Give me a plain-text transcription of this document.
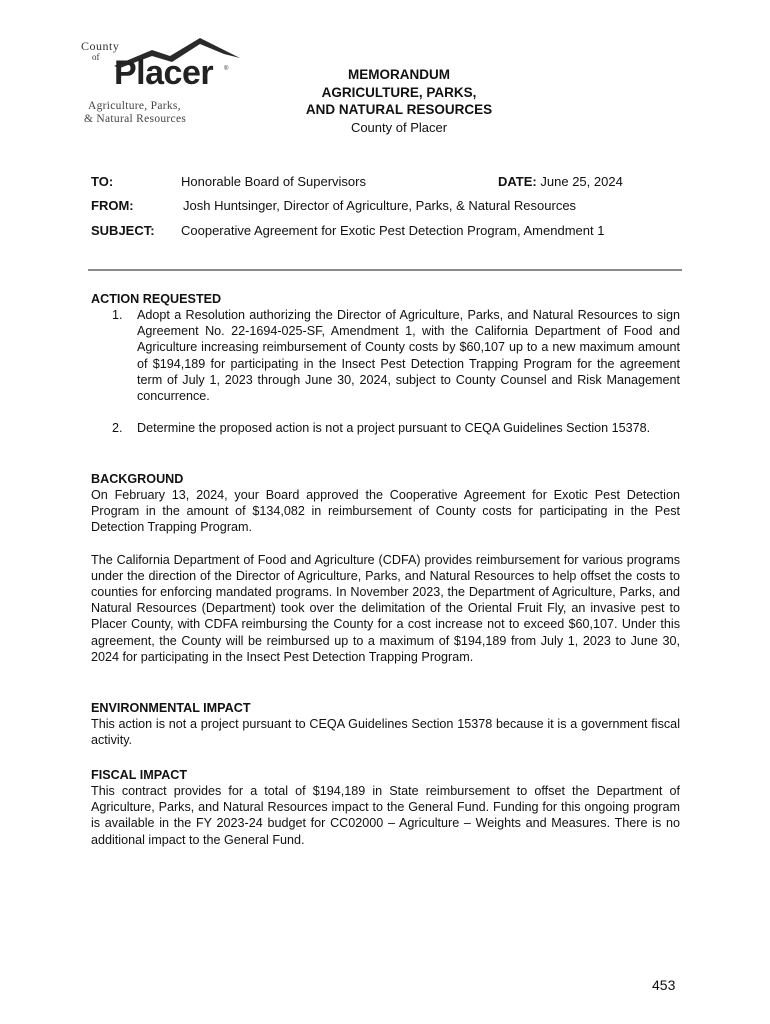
County
of Placer ®
Agriculture, Parks,
& Natural Resources
MEMORANDUM
AGRICULTURE, PARKS,
AND NATURAL RESOURCES
County of Placer
TO:	Honorable Board of Supervisors	DATE: June 25, 2024
FROM:	Josh Huntsinger, Director of Agriculture, Parks, & Natural Resources
SUBJECT: Cooperative Agreement for Exotic Pest Detection Program, Amendment 1
ACTION REQUESTED
1. Adopt a Resolution authorizing the Director of Agriculture, Parks, and Natural Resources to sign Agreement No. 22-1694-025-SF, Amendment 1, with the California Department of Food and Agriculture increasing reimbursement of County costs by $60,107 up to a new maximum amount of $194,189 for participating in the Insect Pest Detection Trapping Program for the agreement term of July 1, 2023 through June 30, 2024, subject to County Counsel and Risk Management concurrence.
2. Determine the proposed action is not a project pursuant to CEQA Guidelines Section 15378.
BACKGROUND

On February 13, 2024, your Board approved the Cooperative Agreement for Exotic Pest Detection Program in the amount of $134,082 in reimbursement of County costs for participating in the Pest Detection Trapping Program.

The California Department of Food and Agriculture (CDFA) provides reimbursement for various programs under the direction of the Director of Agriculture, Parks, and Natural Resources to help offset the costs to counties for enforcing mandated programs. In November 2023, the Department of Agriculture, Parks, and Natural Resources (Department) took over the delimitation of the Oriental Fruit Fly, an invasive pest to Placer County, with CDFA reimbursing the County for a cost increase not to exceed $60,107. Under this agreement, the County will be reimbursed up to a maximum of $194,189 from July 1, 2023 to June 30, 2024 for participating in the Insect Pest Detection Trapping Program.

ENVIRONMENTAL IMPACT

This action is not a project pursuant to CEQA Guidelines Section 15378 because it is a government fiscal activity.

FISCAL IMPACT

This contract provides for a total of $194,189 in State reimbursement to offset the Department of Agriculture, Parks, and Natural Resources impact to the General Fund. Funding for this ongoing program is available in the FY 2023-24 budget for CC02000 – Agriculture – Weights and Measures. There is no additional impact to the General Fund.

453
